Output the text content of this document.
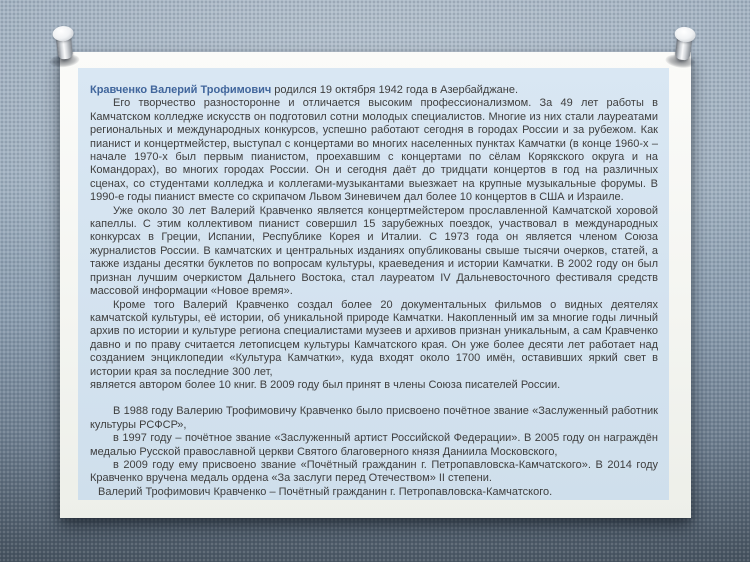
Кравченко Валерий Трофимович родился 19 октября 1942 года в Азербайджане.

Его творчество разносторонне и отличается высоким профессионализмом. За 49 лет работы в Камчатском колледже искусств он подготовил сотни молодых специалистов. Многие из них стали лауреатами региональных и международных конкурсов, успешно работают сегодня в городах России и за рубежом. Как пианист и концертмейстер, выступал с концертами во многих населенных пунктах Камчатки (в конце 1960-х – начале 1970-х был первым пианистом, проехавшим с концертами по сёлам Корякского округа и на Командорах), во многих городах России. Он и сегодня даёт до тридцати концертов в год на различных сценах, со студентами колледжа и коллегами-музыкантами выезжает на крупные музыкальные форумы. В 1990-е годы пианист вместе со скрипачом Львом Зиневичем дал более 10 концертов в США и Израиле.

Уже около 30 лет Валерий Кравченко является концертмейстером прославленной Камчатской хоровой капеллы. С этим коллективом пианист совершил 15 зарубежных поездок, участвовал в международных конкурсах в Греции, Испании, Республике Корея и Италии. С 1973 года он является членом Союза журналистов России. В камчатских и центральных изданиях опубликованы свыше тысячи очерков, статей, а также изданы десятки буклетов по вопросам культуры, краеведения и истории Камчатки. В 2002 году он был признан лучшим очеркистом Дальнего Востока, стал лауреатом IV Дальневосточного фестиваля средств массовой информации «Новое время».

Кроме того Валерий Кравченко создал более 20 документальных фильмов о видных деятелях камчатской культуры, её истории, об уникальной природе Камчатки. Накопленный им за многие годы личный архив по истории и культуре региона специалистами музеев и архивов признан уникальным, а сам Кравченко давно и по праву считается летописцем культуры Камчатского края. Он уже более десяти лет работает над созданием энциклопедии «Культура Камчатки», куда входят около 1700 имён, оставивших яркий свет в истории края за последние 300 лет,

является автором более 10 книг. В 2009 году был принят в члены Союза писателей России.

В 1988 году Валерию Трофимовичу Кравченко было присвоено почётное звание «Заслуженный работник культуры РСФСР»,

в 1997 году – почётное звание «Заслуженный артист Российской Федерации». В 2005 году он награждён медалью Русской православной церкви Святого благоверного князя Даниила Московского,

в 2009 году ему присвоено звание «Почётный гражданин г. Петропавловска-Камчатского». В 2014 году Кравченко вручена медаль ордена «За заслуги перед Отечеством» II степени.

Валерий Трофимович Кравченко – Почётный гражданин г. Петропавловска-Камчатского.
